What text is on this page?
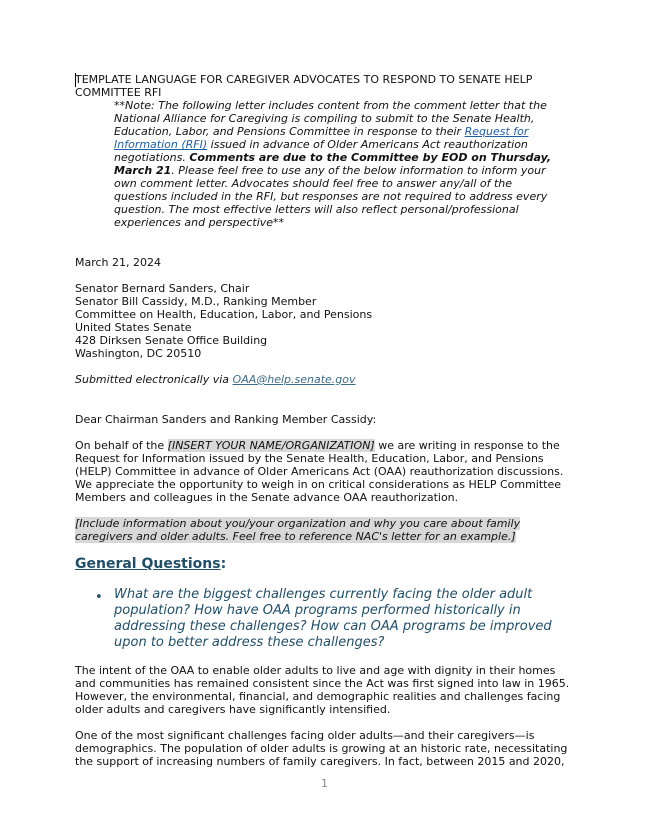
TEMPLATE LANGUAGE FOR CAREGIVER ADVOCATES TO RESPOND TO SENATE HELP COMMITTEE RFI
**Note: The following letter includes content from the comment letter that the National Alliance for Caregiving is compiling to submit to the Senate Health, Education, Labor, and Pensions Committee in response to their Request for Information (RFI) issued in advance of Older Americans Act reauthorization negotiations. Comments are due to the Committee by EOD on Thursday, March 21. Please feel free to use any of the below information to inform your own comment letter. Advocates should feel free to answer any/all of the questions included in the RFI, but responses are not required to address every question. The most effective letters will also reflect personal/professional experiences and perspective**
March 21, 2024
Senator Bernard Sanders, Chair
Senator Bill Cassidy, M.D., Ranking Member
Committee on Health, Education, Labor, and Pensions
United States Senate
428 Dirksen Senate Office Building
Washington, DC 20510
Submitted electronically via OAA@help.senate.gov
Dear Chairman Sanders and Ranking Member Cassidy:
On behalf of the [INSERT YOUR NAME/ORGANIZATION] we are writing in response to the Request for Information issued by the Senate Health, Education, Labor, and Pensions (HELP) Committee in advance of Older Americans Act (OAA) reauthorization discussions. We appreciate the opportunity to weigh in on critical considerations as HELP Committee Members and colleagues in the Senate advance OAA reauthorization.
[Include information about you/your organization and why you care about family caregivers and older adults. Feel free to reference NAC's letter for an example.]
General Questions:
• What are the biggest challenges currently facing the older adult population? How have OAA programs performed historically in addressing these challenges? How can OAA programs be improved upon to better address these challenges?
The intent of the OAA to enable older adults to live and age with dignity in their homes and communities has remained consistent since the Act was first signed into law in 1965. However, the environmental, financial, and demographic realities and challenges facing older adults and caregivers have significantly intensified.
One of the most significant challenges facing older adults—and their caregivers—is demographics. The population of older adults is growing at an historic rate, necessitating the support of increasing numbers of family caregivers. In fact, between 2015 and 2020,
1
